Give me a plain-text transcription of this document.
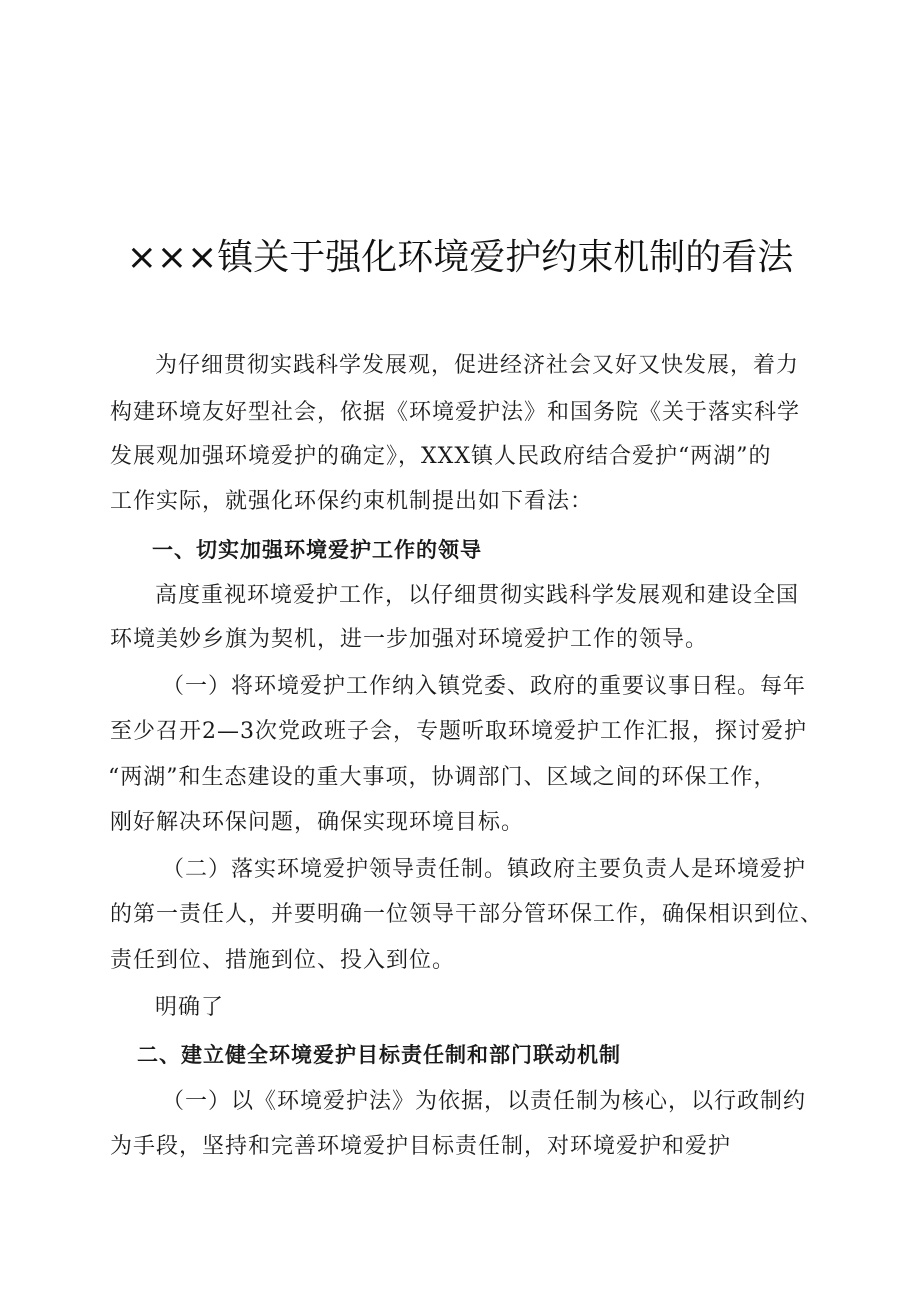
×××镇关于强化环境爱护约束机制的看法
为仔细贯彻实践科学发展观，促进经济社会又好又快发展，着力
构建环境友好型社会，依据《环境爱护法》和国务院《关于落实科学
发展观加强环境爱护的确定》，XXX镇人民政府结合爱护“两湖”的
工作实际，就强化环保约束机制提出如下看法：
一、切实加强环境爱护工作的领导
高度重视环境爱护工作，以仔细贯彻实践科学发展观和建设全国
环境美妙乡旗为契机，进一步加强对环境爱护工作的领导。
（一）将环境爱护工作纳入镇党委、政府的重要议事日程。每年
至少召开2—3次党政班子会，专题听取环境爱护工作汇报，探讨爱护
“两湖”和生态建设的重大事项，协调部门、区域之间的环保工作，
刚好解决环保问题，确保实现环境目标。
（二）落实环境爱护领导责任制。镇政府主要负责人是环境爱护
的第一责任人，并要明确一位领导干部分管环保工作，确保相识到位、
责任到位、措施到位、投入到位。
明确了
二、建立健全环境爱护目标责任制和部门联动机制
（一）以《环境爱护法》为依据，以责任制为核心，以行政制约
为手段，坚持和完善环境爱护目标责任制，对环境爱护和爱护
